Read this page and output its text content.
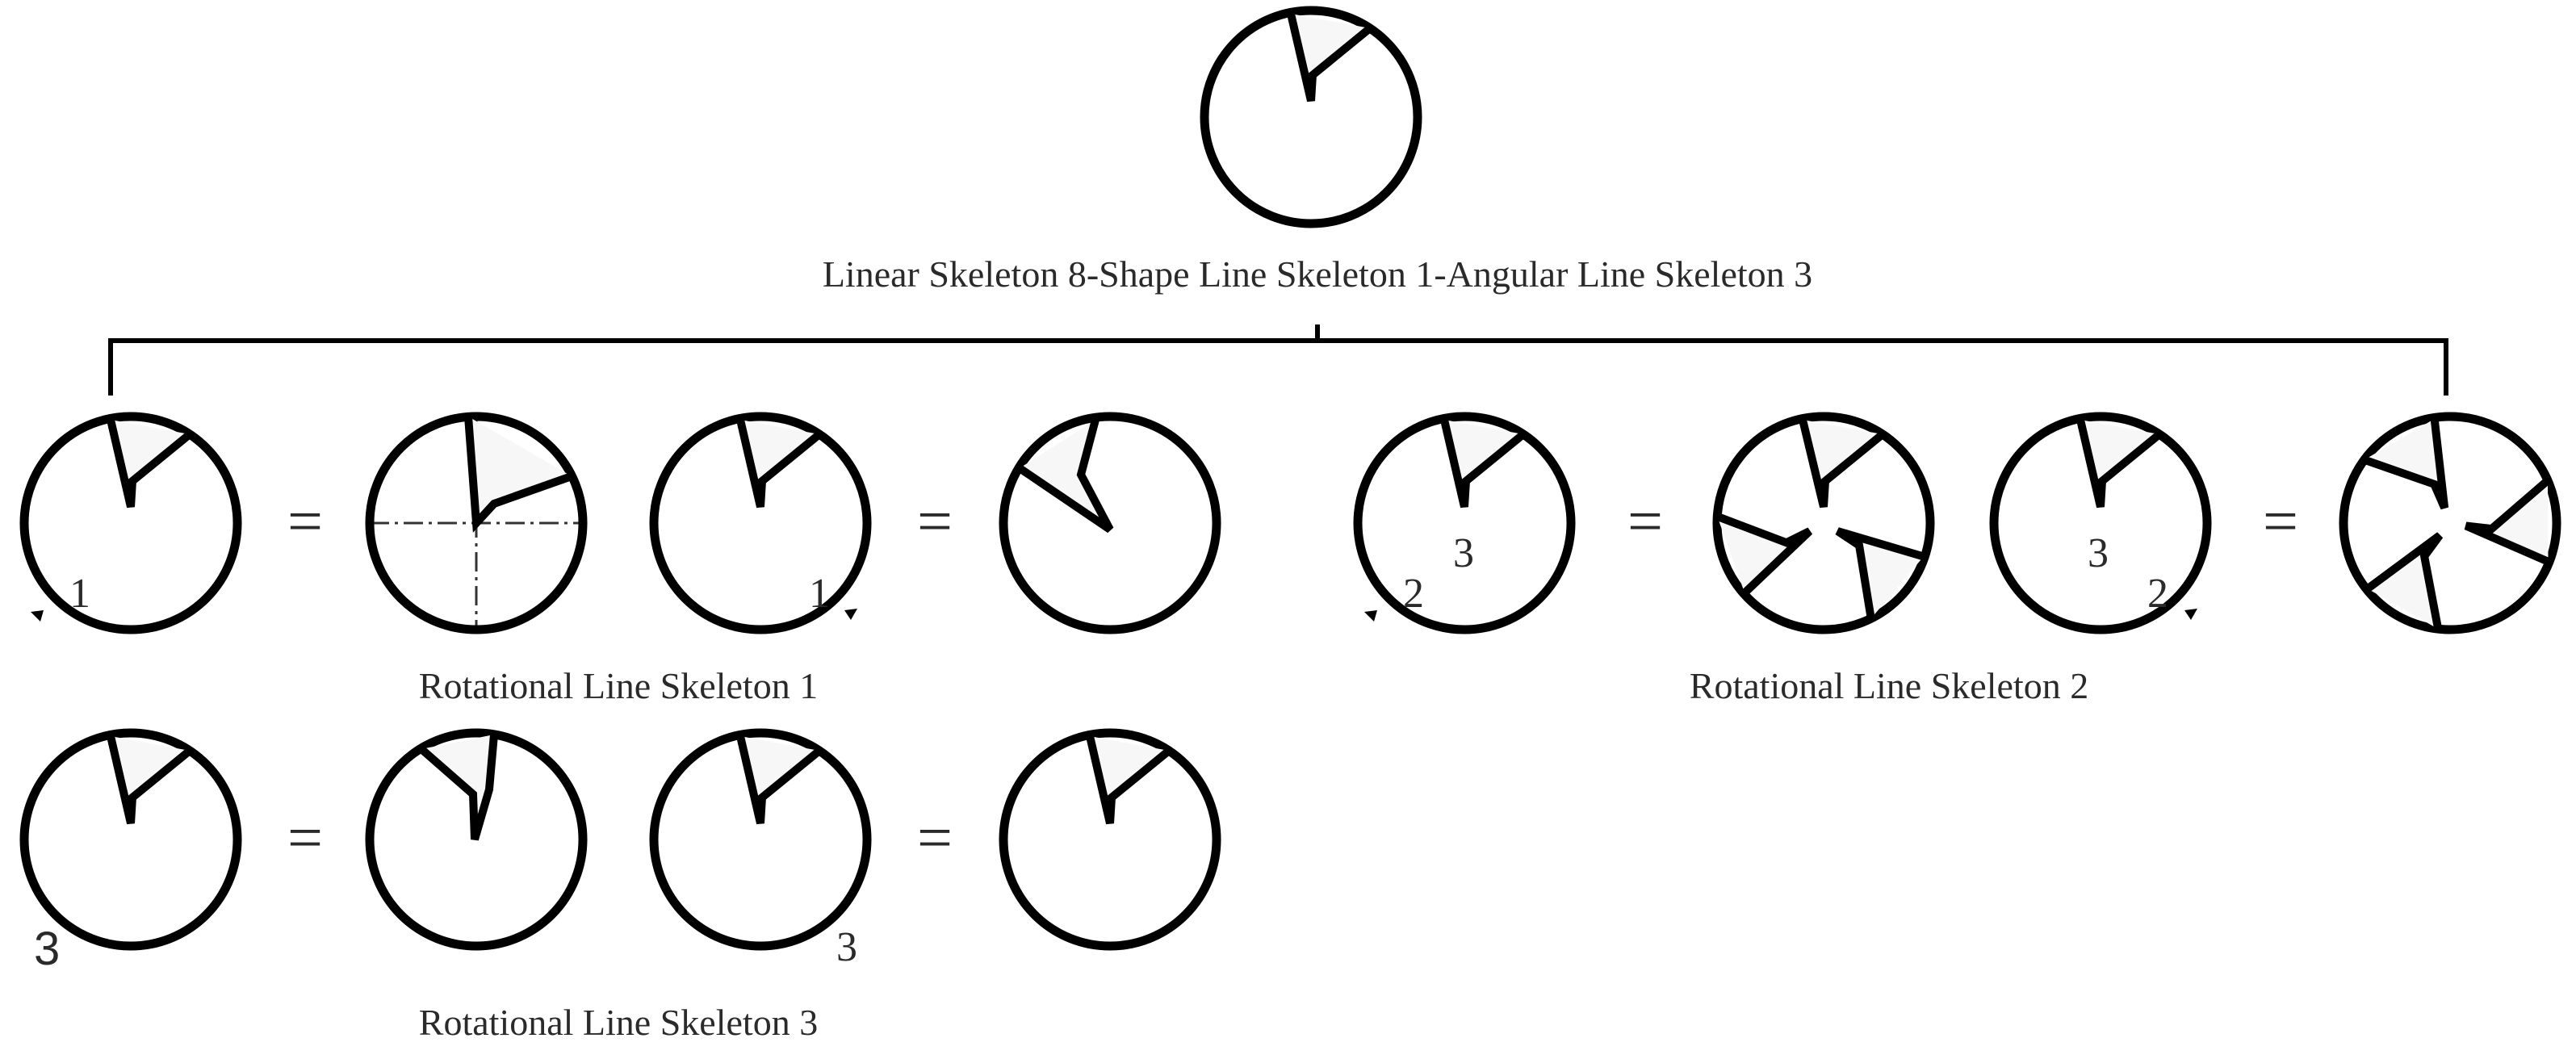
Linear Skeleton 8-Shape Line Skeleton 1-Angular Line Skeleton 3
1
=
1
=
Rotational Line Skeleton 1
3
2
=	3
2
=
Rotational Line Skeleton 2
3
=
3
=
Rotational Line Skeleton 3
